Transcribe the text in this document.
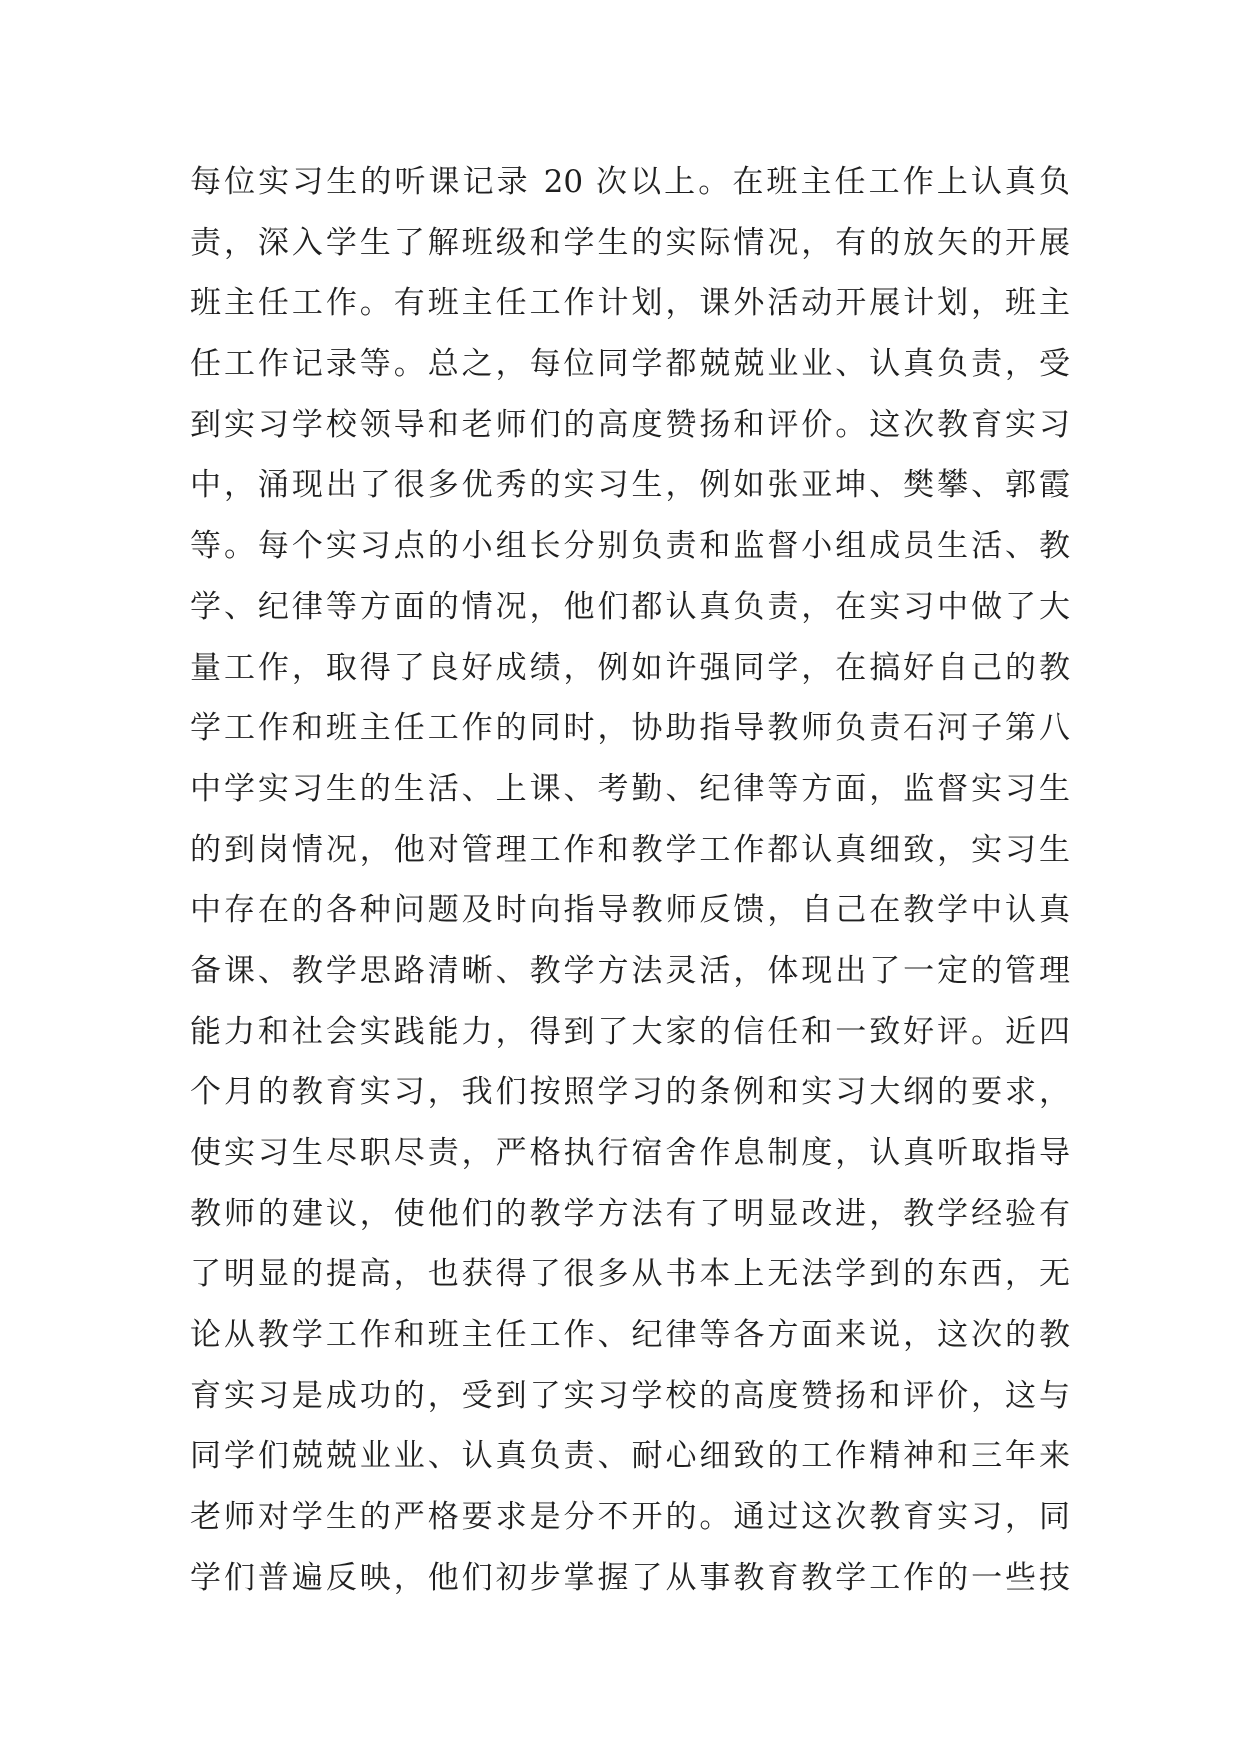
每位实习生的听课记录 20 次以上。在班主任工作上认真负
责，深入学生了解班级和学生的实际情况，有的放矢的开展
班主任工作。有班主任工作计划，课外活动开展计划，班主
任工作记录等。总之，每位同学都兢兢业业、认真负责，受
到实习学校领导和老师们的高度赞扬和评价。这次教育实习
中，涌现出了很多优秀的实习生，例如张亚坤、樊攀、郭霞
等。每个实习点的小组长分别负责和监督小组成员生活、教
学、纪律等方面的情况，他们都认真负责，在实习中做了大
量工作，取得了良好成绩，例如许强同学，在搞好自己的教
学工作和班主任工作的同时，协助指导教师负责石河子第八
中学实习生的生活、上课、考勤、纪律等方面，监督实习生
的到岗情况，他对管理工作和教学工作都认真细致，实习生
中存在的各种问题及时向指导教师反馈，自己在教学中认真
备课、教学思路清晰、教学方法灵活，体现出了一定的管理
能力和社会实践能力，得到了大家的信任和一致好评。近四
个月的教育实习，我们按照学习的条例和实习大纲的要求，
使实习生尽职尽责，严格执行宿舍作息制度，认真听取指导
教师的建议，使他们的教学方法有了明显改进，教学经验有
了明显的提高，也获得了很多从书本上无法学到的东西，无
论从教学工作和班主任工作、纪律等各方面来说，这次的教
育实习是成功的，受到了实习学校的高度赞扬和评价，这与
同学们兢兢业业、认真负责、耐心细致的工作精神和三年来
老师对学生的严格要求是分不开的。通过这次教育实习，同
学们普遍反映，他们初步掌握了从事教育教学工作的一些技
